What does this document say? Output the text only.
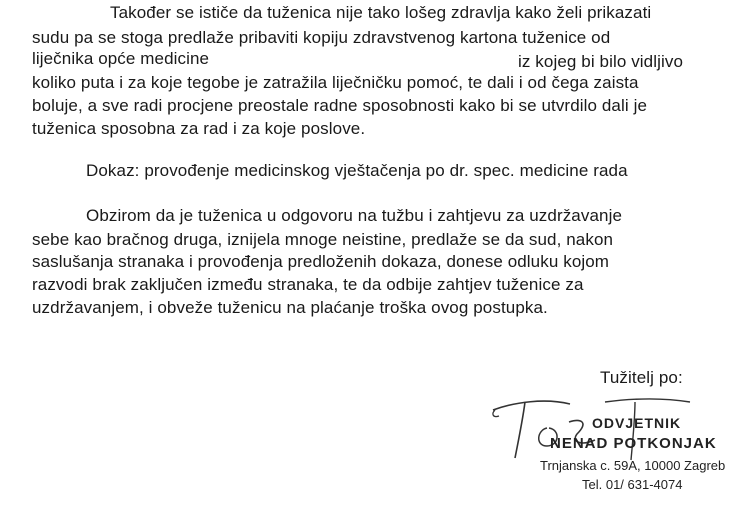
Također se ističe da tuženica nije tako lošeg zdravlja kako želi prikazati
sudu pa se stoga predlaže pribaviti kopiju zdravstvenog kartona tuženice od
liječnika opće medicine	iz kojeg bi bilo vidljivo
koliko puta i za koje tegobe je zatražila liječničku pomoć, te dali i od čega zaista
boluje, a sve radi procjene preostale radne sposobnosti kako bi se utvrdilo dali je
tuženica sposobna za rad i za koje poslove.
Dokaz: provođenje medicinskog vještačenja po dr. spec. medicine rada
Obzirom da je tuženica u odgovoru na tužbu i zahtjevu za uzdržavanje
sebe kao bračnog druga, iznijela mnoge neistine, predlaže se da sud, nakon
saslušanja stranaka i provođenja predloženih dokaza, donese odluku kojom
razvodi brak zaključen između stranaka, te da odbije zahtjev tuženice za
uzdržavanjem, i obveže tuženicu na plaćanje troška ovog postupka.
Tužitelj po:
ODVJETNIK
NENAD POTKONJAK
Trnjanska c. 59A, 10000 Zagreb
Tel. 01/ 631-4074
